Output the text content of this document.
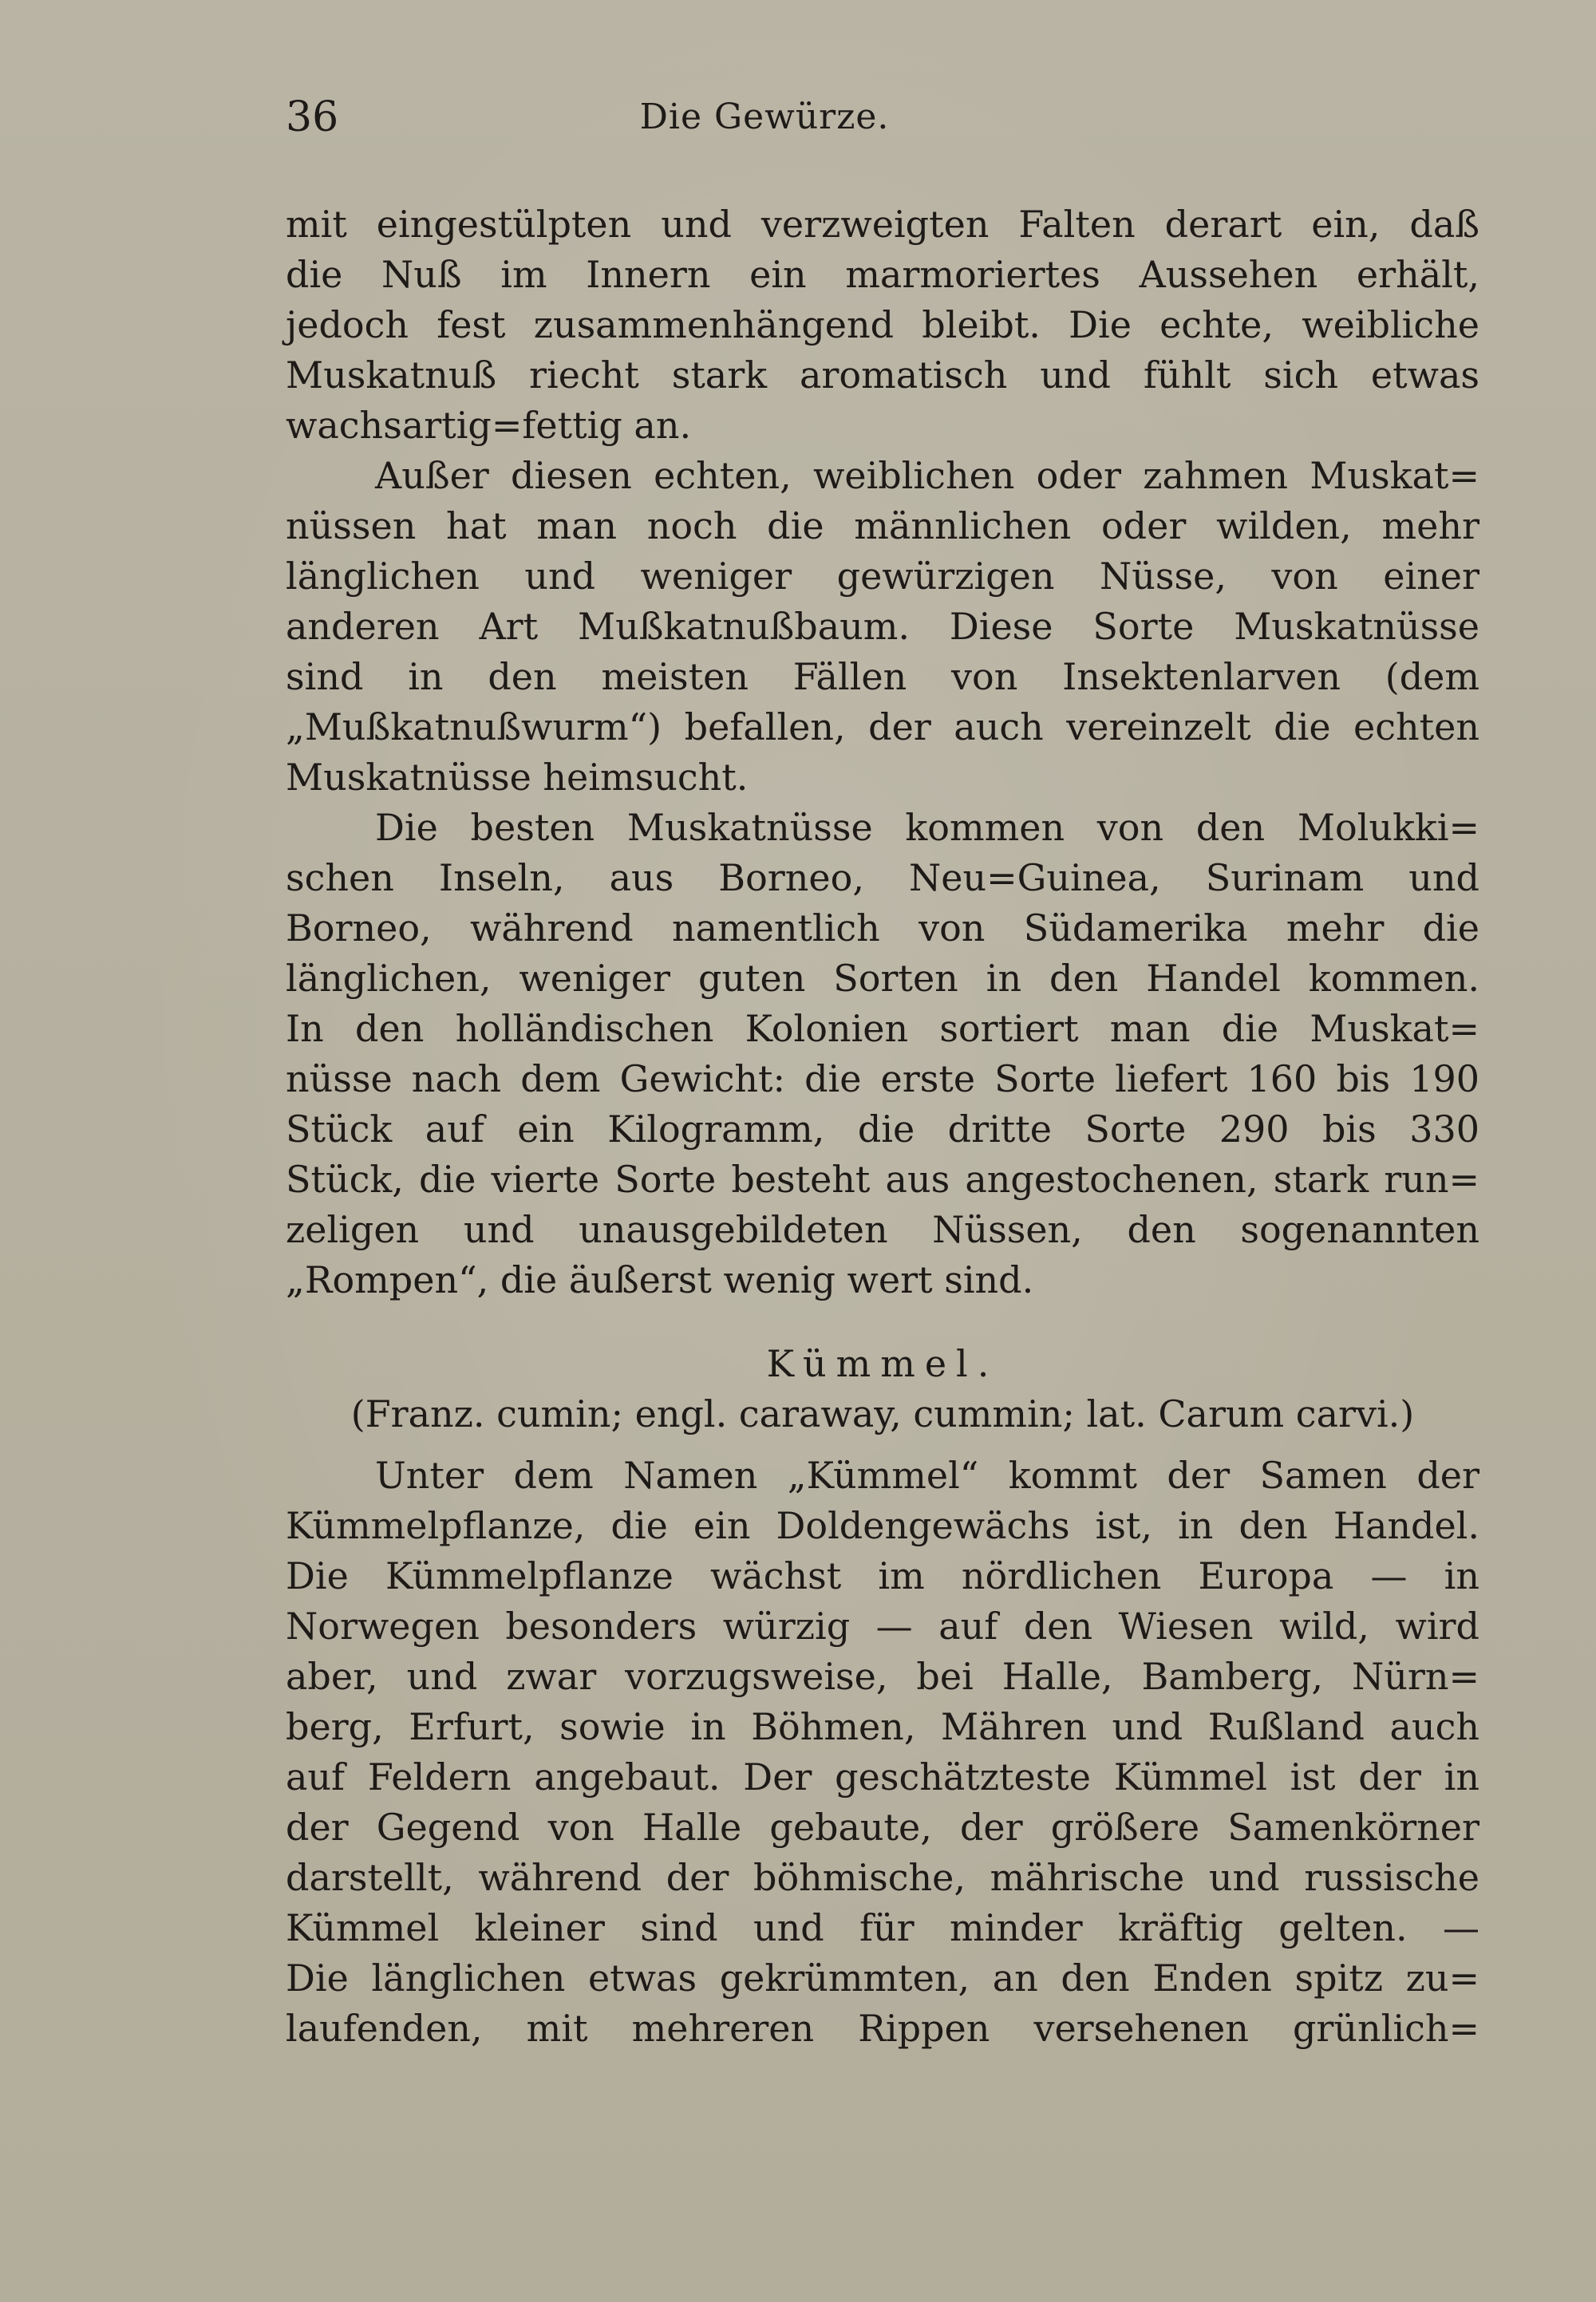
36	Die Gewürze.
mit eingestülpten und verzweigten Falten derart ein, daß
die Nuß im Innern ein marmoriertes Aussehen erhält,
jedoch fest zusammenhängend bleibt. Die echte, weibliche
Muskatnuß riecht stark aromatisch und fühlt sich etwas
wachsartig=fettig an.
Außer diesen echten, weiblichen oder zahmen Muskat=
nüssen hat man noch die männlichen oder wilden, mehr
länglichen und weniger gewürzigen Nüsse, von einer
anderen Art Mußkatnußbaum. Diese Sorte Muskatnüsse
sind in den meisten Fällen von Insektenlarven (dem
„Mußkatnußwurm“) befallen, der auch vereinzelt die echten
Muskatnüsse heimsucht.
Die besten Muskatnüsse kommen von den Molukki=
schen Inseln, aus Borneo, Neu=Guinea, Surinam und
Borneo, während namentlich von Südamerika mehr die
länglichen, weniger guten Sorten in den Handel kommen.
In den holländischen Kolonien sortiert man die Muskat=
nüsse nach dem Gewicht: die erste Sorte liefert 160 bis 190
Stück auf ein Kilogramm, die dritte Sorte 290 bis 330
Stück, die vierte Sorte besteht aus angestochenen, stark run=
zeligen und unausgebildeten Nüssen, den sogenannten
„Rompen“, die äußerst wenig wert sind.
Kümmel.
(Franz. cumin; engl. caraway, cummin; lat. Carum carvi.)
Unter dem Namen „Kümmel“ kommt der Samen der
Kümmelpflanze, die ein Doldengewächs ist, in den Handel.
Die Kümmelpflanze wächst im nördlichen Europa — in
Norwegen besonders würzig — auf den Wiesen wild, wird
aber, und zwar vorzugsweise, bei Halle, Bamberg, Nürn=
berg, Erfurt, sowie in Böhmen, Mähren und Rußland auch
auf Feldern angebaut. Der geschätzteste Kümmel ist der in
der Gegend von Halle gebaute, der größere Samenkörner
darstellt, während der böhmische, mährische und russische
Kümmel kleiner sind und für minder kräftig gelten. —
Die länglichen etwas gekrümmten, an den Enden spitz zu=
laufenden, mit mehreren Rippen versehenen grünlich=
